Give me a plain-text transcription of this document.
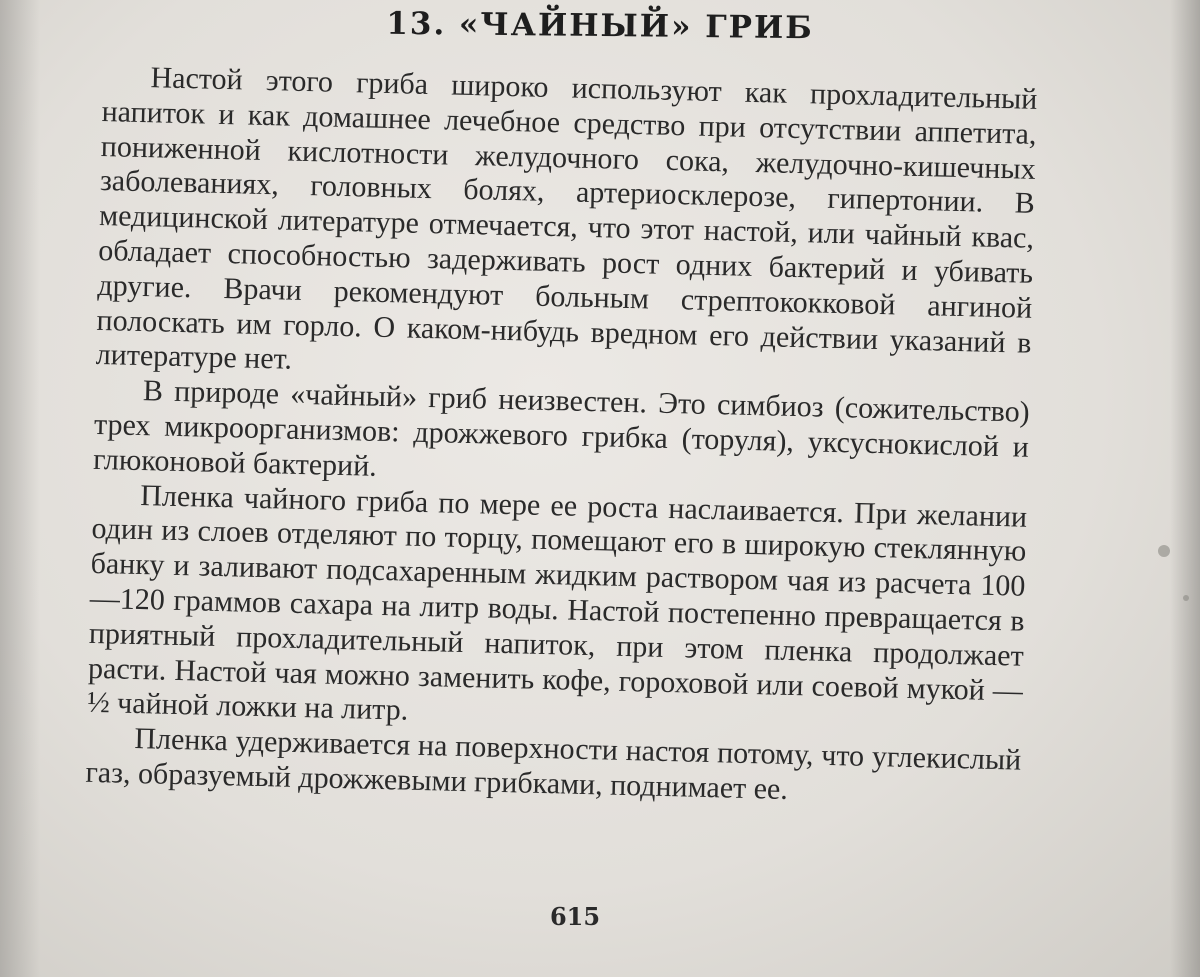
13. «ЧАЙНЫЙ» ГРИБ

Настой этого гриба широко используют как прохладительный напиток и как домашнее лечебное средство при отсутствии аппетита, пониженной кислотности желудочного сока, желудочно-кишечных заболеваниях, головных болях, артериосклерозе, гипертонии. В медицинской литературе отмечается, что этот настой, или чайный квас, обладает способностью задерживать рост одних бактерий и убивать другие. Врачи рекомендуют больным стрептококковой ангиной полоскать им горло. О каком-нибудь вредном его действии указаний в литературе нет.

В природе «чайный» гриб неизвестен. Это симбиоз (сожительство) трех микроорганизмов: дрожжевого грибка (торуля), уксуснокислой и глюконовой бактерий.

Пленка чайного гриба по мере ее роста наслаивается. При желании один из слоев отделяют по торцу, помещают его в широкую стеклянную банку и заливают подсахаренным жидким раствором чая из расчета 100—120 граммов сахара на литр воды. Настой постепенно превращается в приятный прохладительный напиток, при этом пленка продолжает расти. Настой чая можно заменить кофе, гороховой или соевой мукой — ½ чайной ложки на литр.

Пленка удерживается на поверхности настоя потому, что углекислый газ, образуемый дрожжевыми грибками, поднимает ее.

615
